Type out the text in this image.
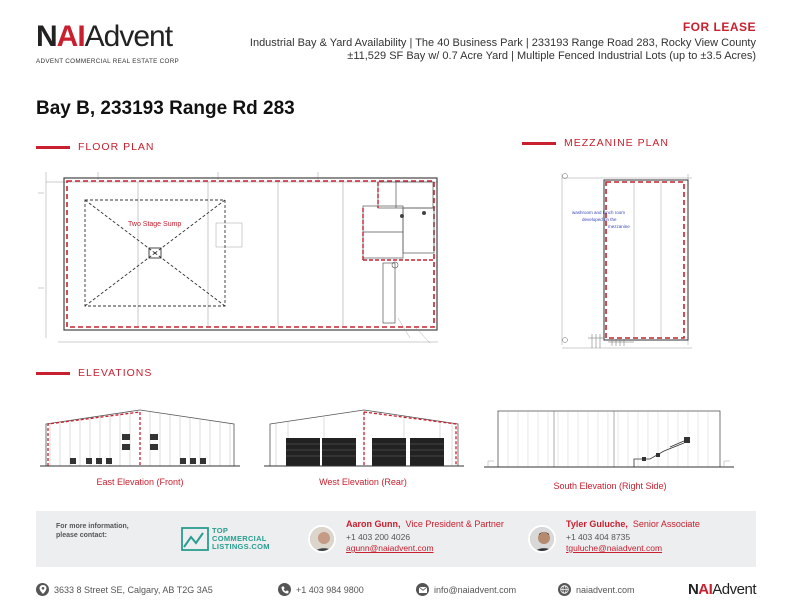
NAIAdvent
ADVENT COMMERCIAL REAL ESTATE CORP
FOR LEASE
Industrial Bay & Yard Availability | The 40 Business Park | 233193 Range Road 283, Rocky View County
±11,529 SF Bay w/ 0.7 Acre Yard | Multiple Fenced Industrial Lots (up to ±3.5 Acres)
Bay B, 233193 Range Rd 283
FLOOR PLAN	MEZZANINE PLAN
ELEVATIONS
Two Stage Sump
washroom and lunch room
developed on the
mezzanine
East Elevation (Front)	West Elevation (Rear)	South Elevation (Right Side)
For more information,
please contact:
TOP
COMMERCIAL
LISTINGS.COM
Aaron Gunn, Vice President & Partner
+1 403 200 4026
agunn@naiadvent.com
Tyler Guluche, Senior Associate
+1 403 404 8735
tguluche@naiadvent.com
3633 8 Street SE, Calgary, AB T2G 3A5	+1 403 984 9800	info@naiadvent.com	naiadvent.com	NAIAdvent
